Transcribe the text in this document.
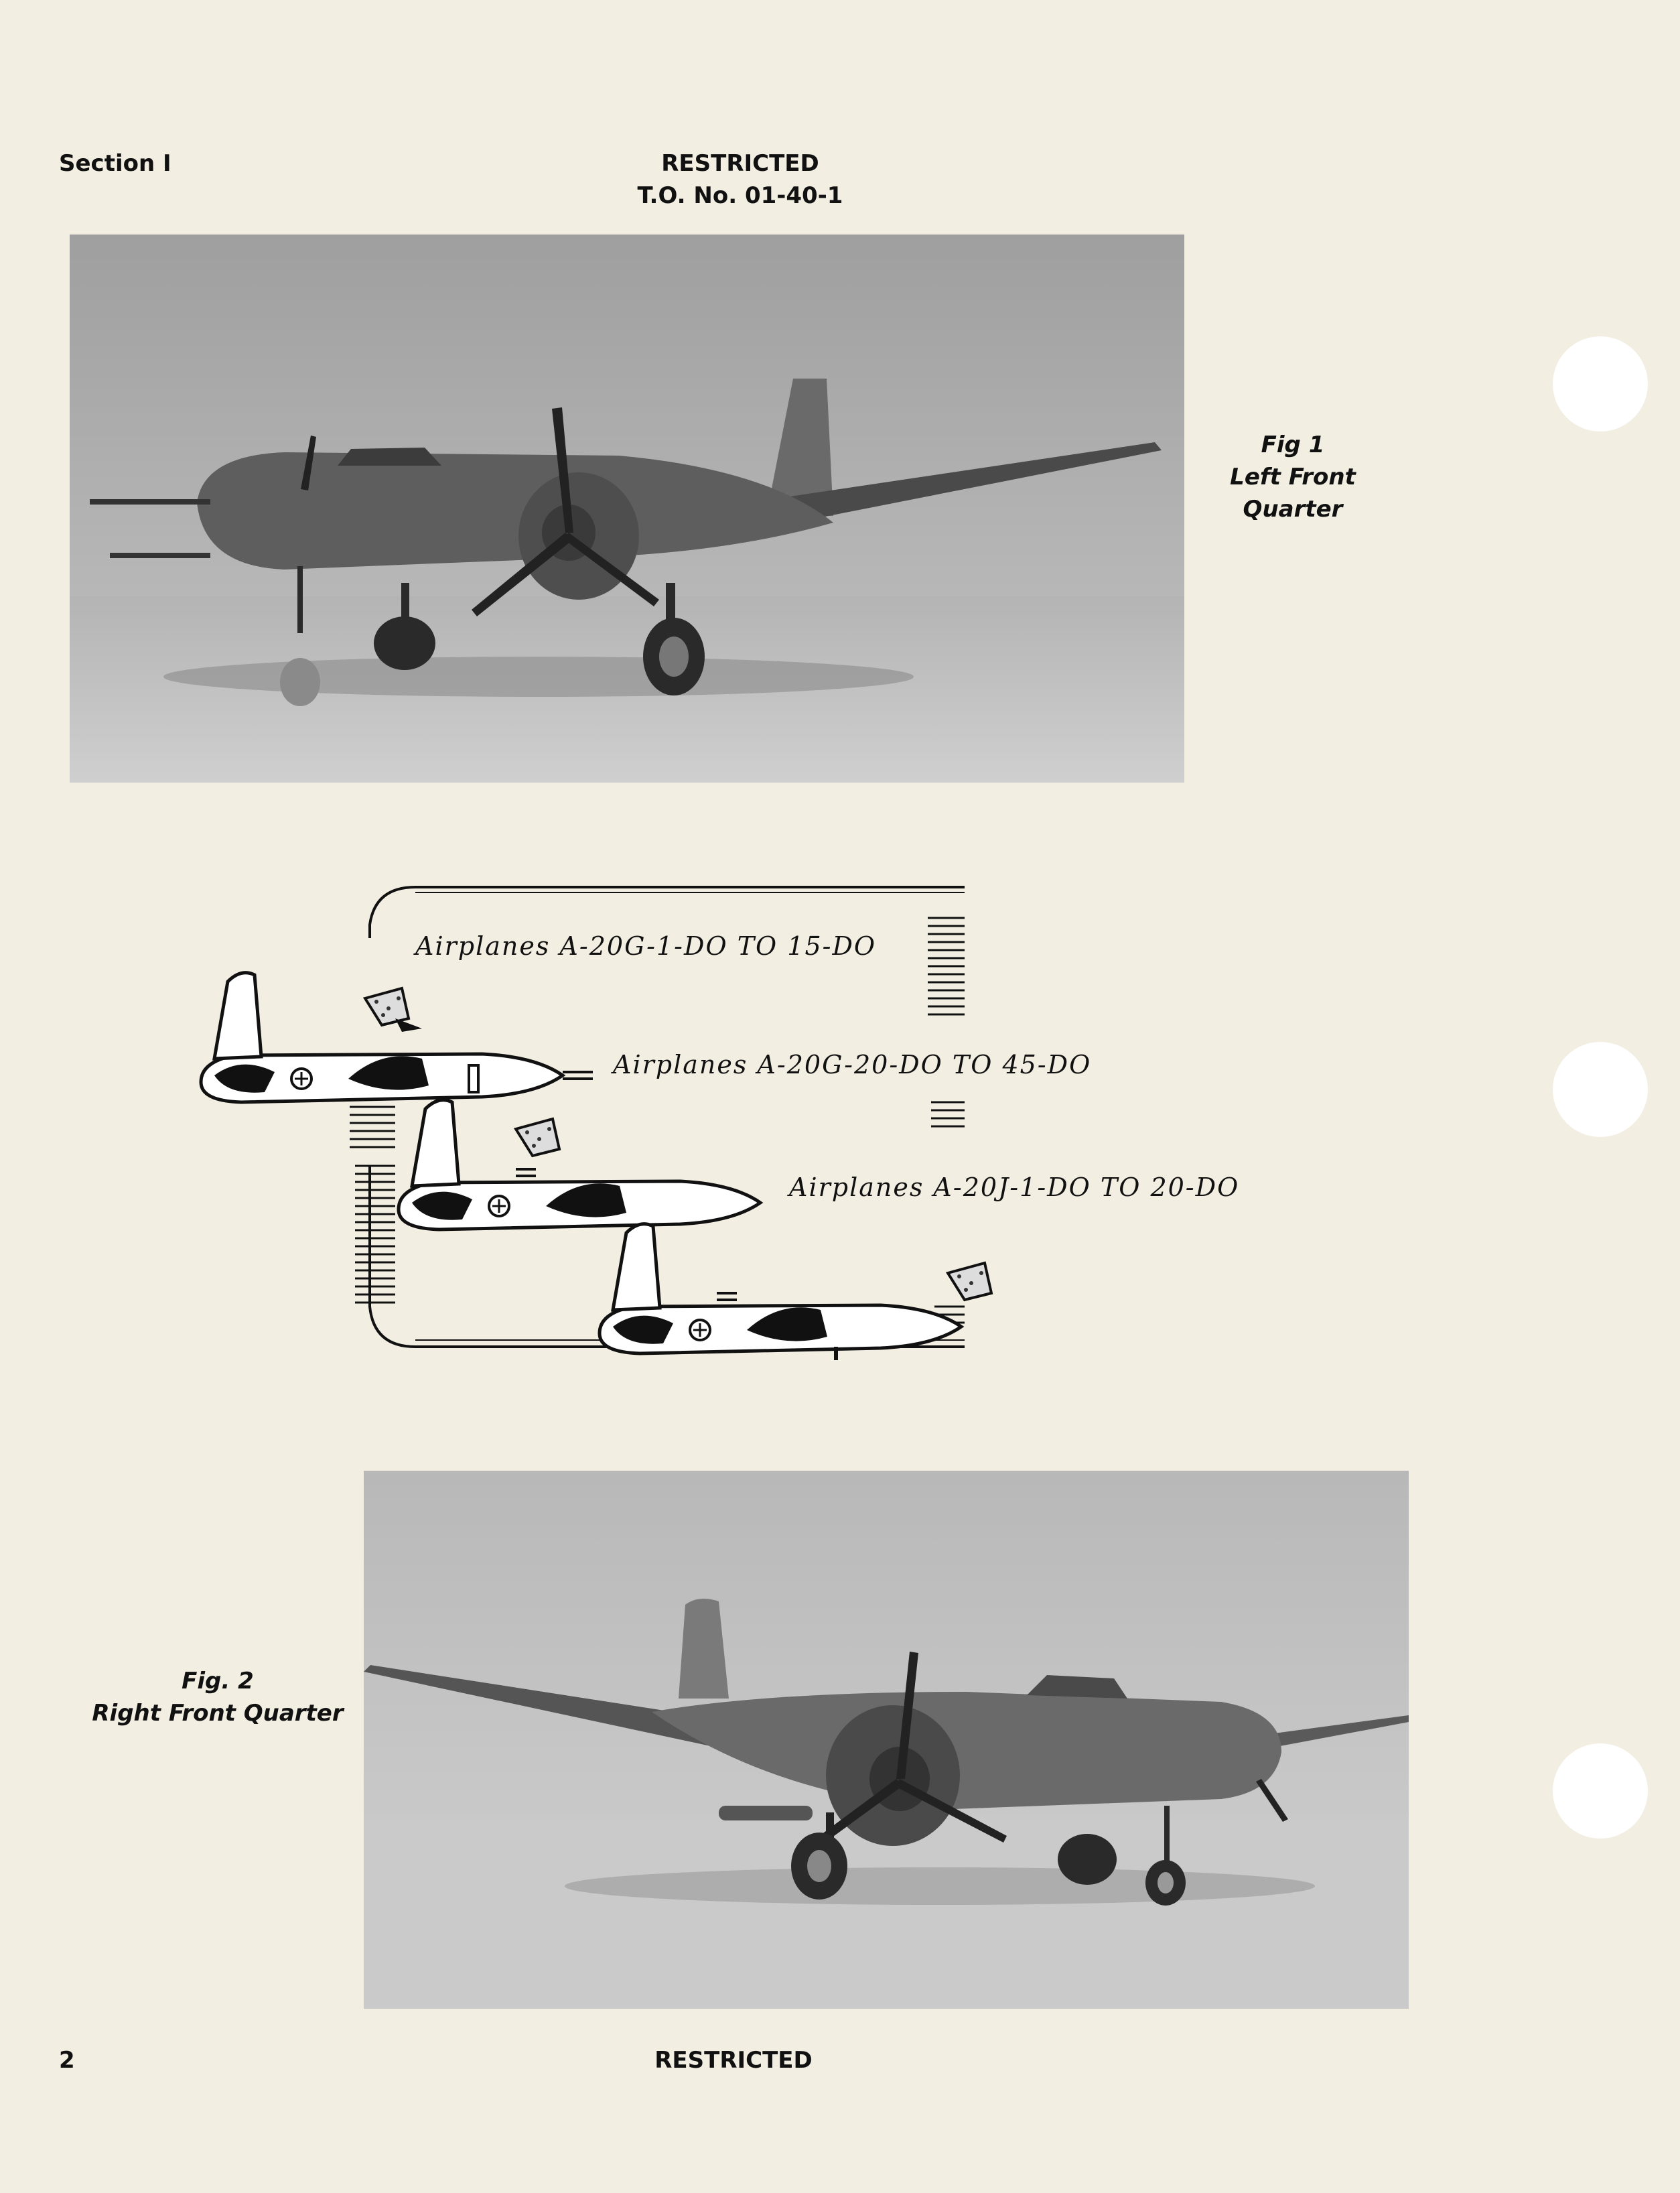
Section I	RESTRICTED
T.O. No. 01-40-1
Fig 1
Left Front
Quarter
Airplanes A-20G-1-DO TO 15-DO
Airplanes A-20G-20-DO TO 45-DO
Airplanes A-20J-1-DO TO 20-DO
Fig. 2
Right Front Quarter
2	RESTRICTED
